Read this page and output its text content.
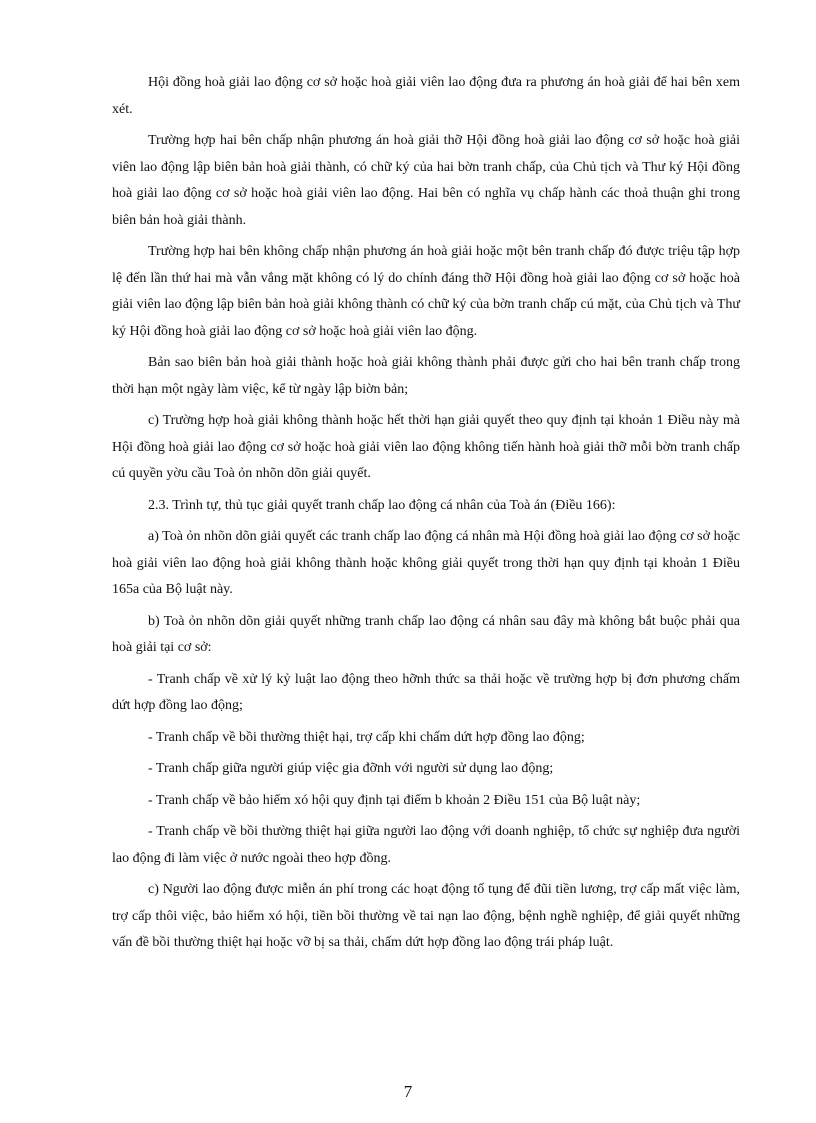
Hội đồng hoà giải lao động cơ sở hoặc hoà giải viên lao động đưa ra phương án hoà giải để hai bên xem xét.

Trường hợp hai bên chấp nhận phương án hoà giải thỡ Hội đồng hoà giải lao động cơ sở hoặc hoà giải viên lao động lập biên bản hoà giải thành, có chữ ký của hai bờn tranh chấp, của Chủ tịch và Thư ký Hội đồng hoà giải lao động cơ sở hoặc hoà giải viên lao động. Hai bên có nghĩa vụ chấp hành các thoả thuận ghi trong biên bản hoà giải thành.

Trường hợp hai bên không chấp nhận phương án hoà giải hoặc một bên tranh chấp đó được triệu tập hợp lệ đến lần thứ hai mà vẫn vắng mặt không có lý do chính đáng thỡ Hội đồng hoà giải lao động cơ sở hoặc hoà giải viên lao động lập biên bản hoà giải không thành có chữ ký của bờn tranh chấp cú mặt, của Chủ tịch và Thư ký Hội đồng hoà giải lao động cơ sở hoặc hoà giải viên lao động.

Bản sao biên bản hoà giải thành hoặc hoà giải không thành phải được gửi cho hai bên tranh chấp trong thời hạn một ngày làm việc, kể từ ngày lập biờn bản;

c) Trường hợp hoà giải không thành hoặc hết thời hạn giải quyết theo quy định tại khoản 1 Điều này mà Hội đồng hoà giải lao động cơ sở hoặc hoà giải viên lao động không tiến hành hoà giải thỡ mỗi bờn tranh chấp cú quyền yờu cầu Toà ỏn nhõn dõn giải quyết.

2.3. Trình tự, thủ tục giải quyết tranh chấp lao động cá nhân của Toà án (Điều 166):

a) Toà ỏn nhõn dõn giải quyết các tranh chấp lao động cá nhân mà Hội đồng hoà giải lao động cơ sở hoặc hoà giải viên lao động hoà giải không thành hoặc không giải quyết trong thời hạn quy định tại khoản 1 Điều 165a của Bộ luật này.

b) Toà ỏn nhõn dõn giải quyết những tranh chấp lao động cá nhân sau đây mà không bắt buộc phải qua hoà giải tại cơ sở:

- Tranh chấp về xử lý kỷ luật lao động theo hỡnh thức sa thải hoặc về trường hợp bị đơn phương chấm dứt hợp đồng lao động;

- Tranh chấp về bồi thường thiệt hại, trợ cấp khi chấm dứt hợp đồng lao động;

- Tranh chấp giữa người giúp việc gia đỡnh với người sử dụng lao động;

- Tranh chấp về bảo hiểm xó hội quy định tại điểm b khoản 2 Điều 151 của Bộ luật này;

- Tranh chấp về bồi thường thiệt hại giữa người lao động với doanh nghiệp, tổ chức sự nghiệp đưa người lao động đi làm việc ở nước ngoài theo hợp đồng.

c) Người lao động được miễn án phí trong các hoạt động tố tụng để đũi tiền lương, trợ cấp mất việc làm, trợ cấp thôi việc, bảo hiểm xó hội, tiền bồi thường về tai nạn lao động, bệnh nghề nghiệp, để giải quyết những vấn đề bồi thường thiệt hại hoặc vỡ bị sa thải, chấm dứt hợp đồng lao động trái pháp luật.

7
